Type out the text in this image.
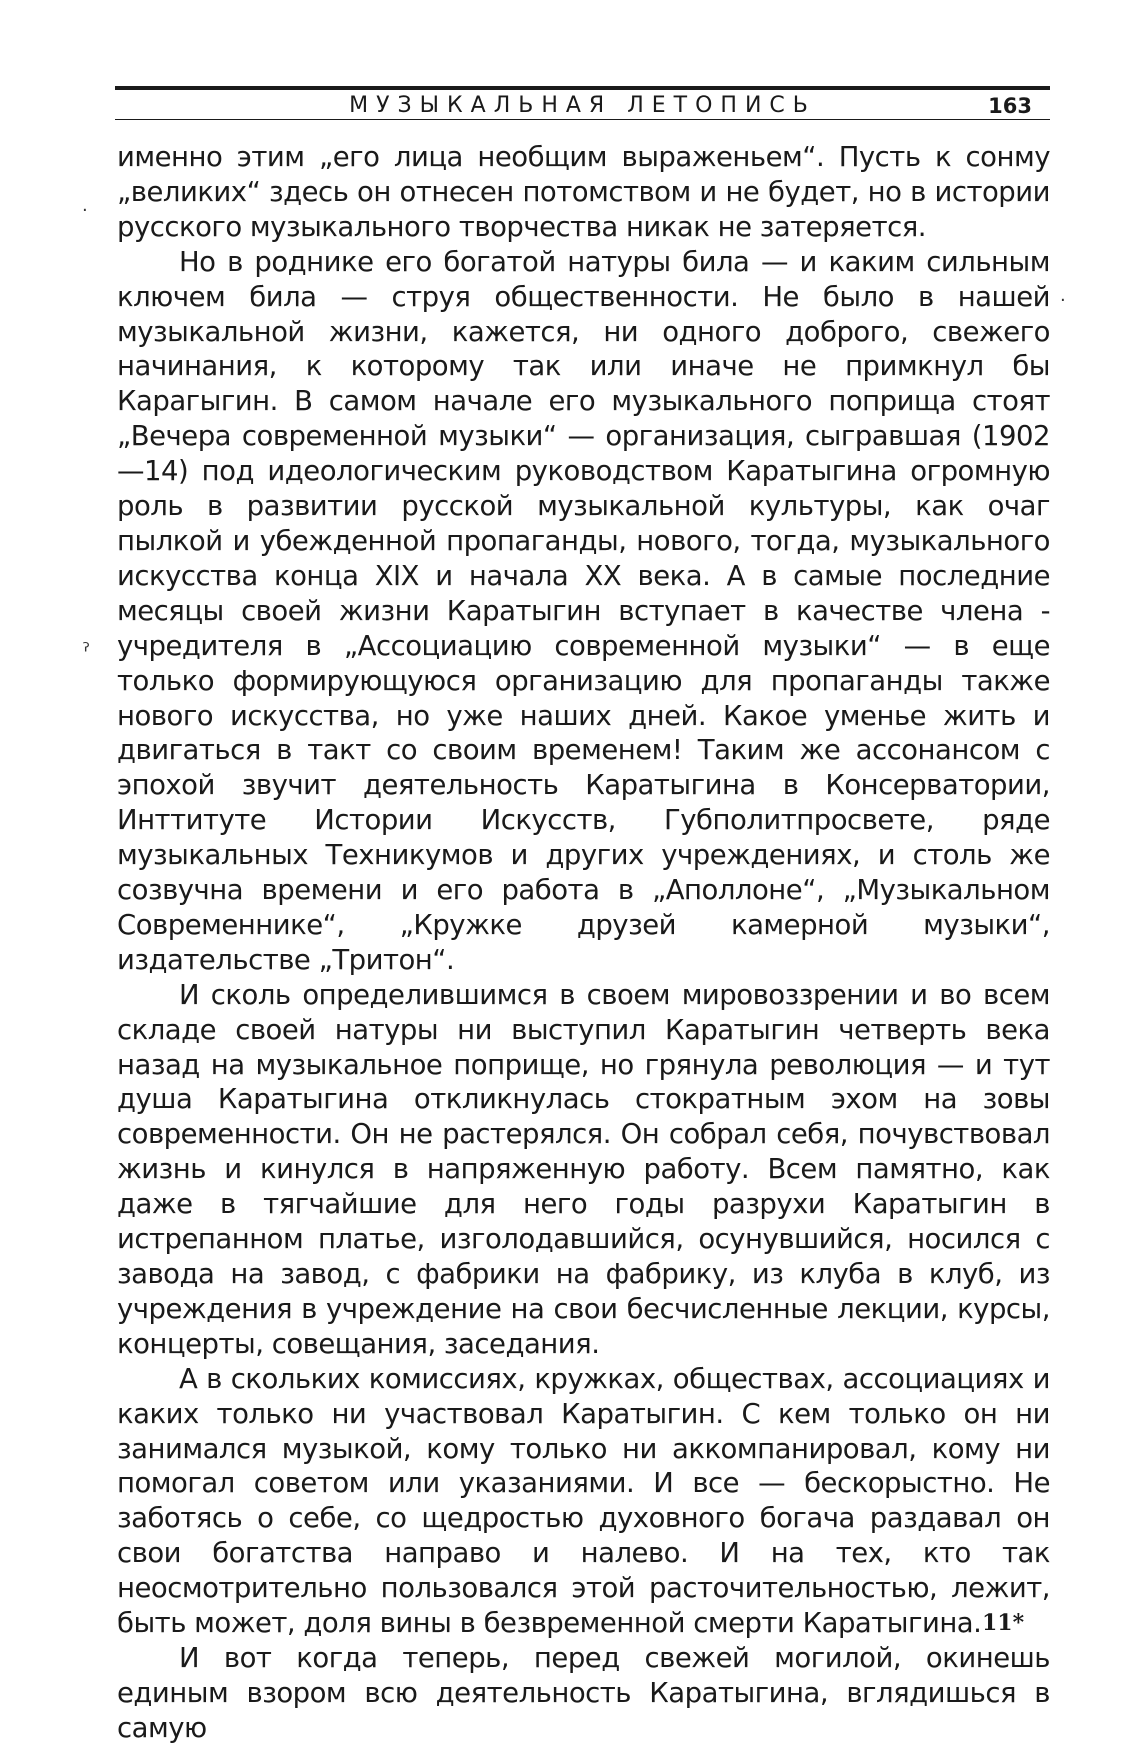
МУЗЫКАЛЬНАЯ ЛЕТОПИСЬ	163

именно этим „его лица необщим выраженьем“. Пусть к сонму „великих“ здесь он отнесен потомством и не будет, но в истории русского музыкального творчества никак не затеряется.

Но в роднике его богатой натуры била — и каким сильным ключем била — струя общественности. Не было в нашей музыкальной жизни, кажется, ни одного доброго, свежего начинания, к которому так или иначе не примкнул бы Карагыгин. В самом начале его музыкального поприща стоят „Вечера современной музыки“ — организация, сыгравшая (1902—14) под идеологическим руководством Каратыгина огромную роль в развитии русской музыкальной культуры, как очаг пылкой и убежденной пропаганды, нового, тогда, музыкального искусства конца XIX и начала XX века. А в самые последние месяцы своей жизни Каратыгин вступает в качестве члена - учредителя в „Ассоциацию современной музыки“ — в еще только формирующуюся организацию для пропаганды также нового искусства, но уже наших дней. Какое уменье жить и двигаться в такт со своим временем! Таким же ассонансом с эпохой звучит деятельность Каратыгина в Консерватории, Инттитуте Истории Искусств, Губполитпросвете, ряде музыкальных Техникумов и других учреждениях, и столь же созвучна времени и его работа в „Аполлоне“, „Музыкальном Современнике“, „Кружке друзей камерной музыки“, издательстве „Тритон“.

И сколь определившимся в своем мировоззрении и во всем складе своей натуры ни выступил Каратыгин четверть века назад на музыкальное поприще, но грянула революция — и тут душа Каратыгина откликнулась стократным эхом на зовы современности. Он не растерялся. Он собрал себя, почувствовал жизнь и кинулся в напряженную работу. Всем памятно, как даже в тягчайшие для него годы разрухи Каратыгин в истрепанном платье, изголодавшийся, осунувшийся, носился с завода на завод, с фабрики на фабрику, из клуба в клуб, из учреждения в учреждение на свои бесчисленные лекции, курсы, концерты, совещания, заседания.

А в скольких комиссиях, кружках, обществах, ассоциациях и каких только ни участвовал Каратыгин. С кем только он ни занимался музыкой, кому только ни аккомпанировал, кому ни помогал советом или указаниями. И все — бескорыстно. Не заботясь о себе, со щедростью духовного богача раздавал он свои богатства направо и налево. И на тех, кто так неосмотрительно пользовался этой расточительностью, лежит, быть может, доля вины в безвременной смерти Каратыгина.

И вот когда теперь, перед свежей могилой, окинешь единым взором всю деятельность Каратыгина, вглядишься в самую

·
·
ˀ
11*
